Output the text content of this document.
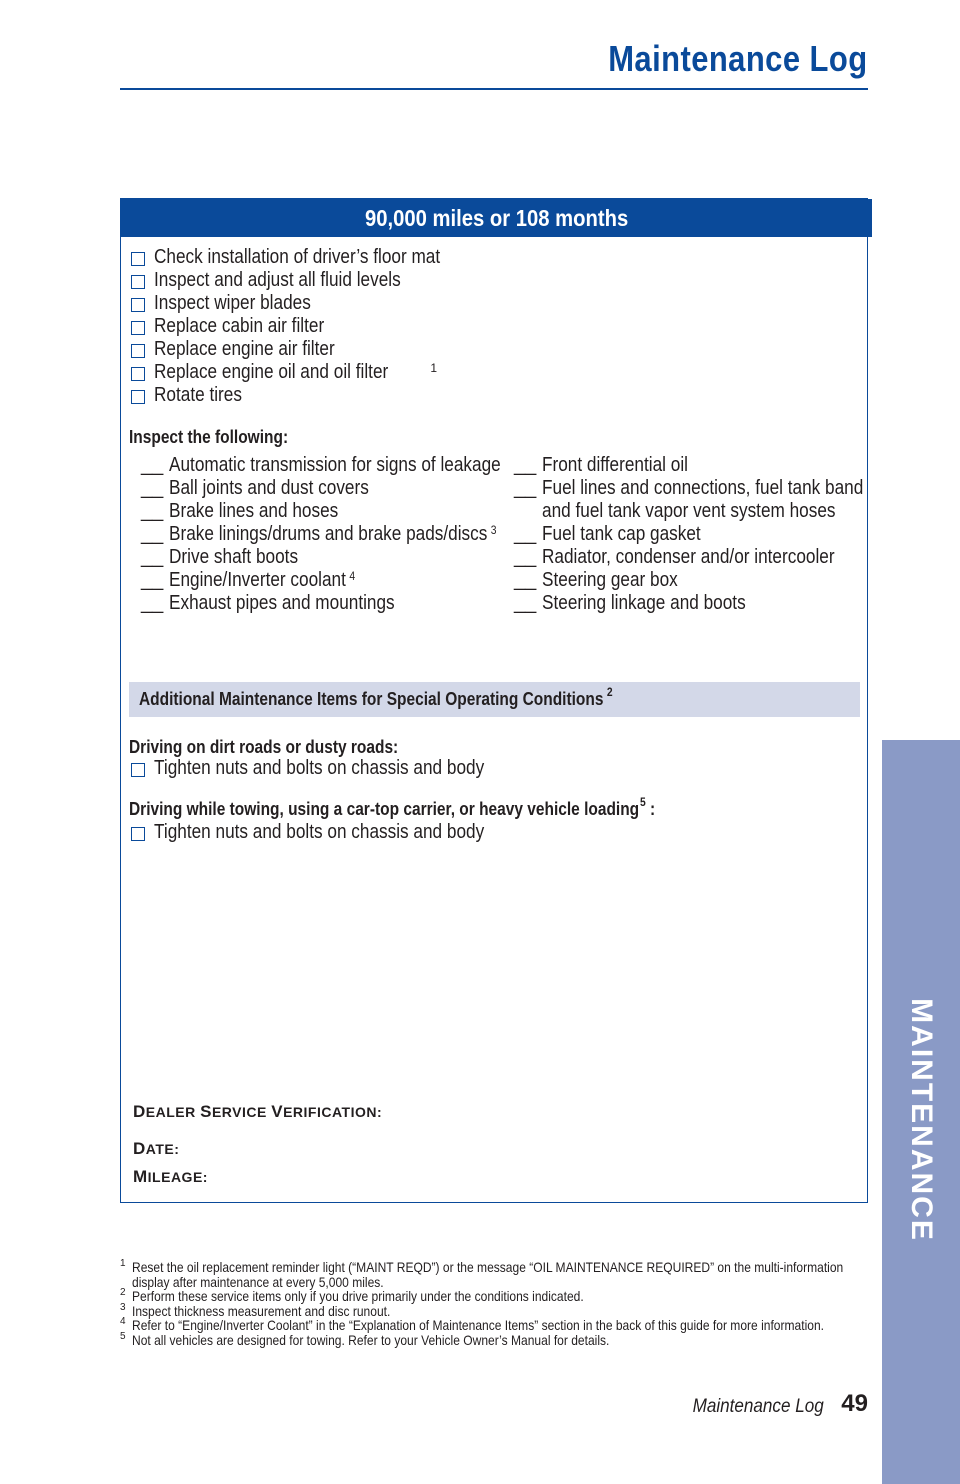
Maintenance Log
90,000 miles or 108 months
Check installation of driver’s floor mat
Inspect and adjust all fluid levels
Inspect wiper blades
Replace cabin air filter
Replace engine air filter
Replace engine oil and oil filter	$^1$
Rotate tires
Inspect the following:
__ Automatic transmission for signs of leakage
__ Ball joints and dust covers
__ Brake lines and hoses
__ Brake linings/drums and brake pads/discs $^3$
__ Drive shaft boots
__ Engine/Inverter coolant $^4$
__ Exhaust pipes and mountings
__ Front differential oil
__ Fuel lines and connections, fuel tank band and fuel tank vapor vent system hoses
__ Fuel tank cap gasket
__ Radiator, condenser and/or intercooler
__ Steering gear box
__ Steering linkage and boots
Additional Maintenance Items for Special Operating Conditions $^2$
Driving on dirt roads or dusty roads:
Tighten nuts and bolts on chassis and body
Driving while towing, using a car-top carrier, or heavy vehicle loading$^5$ :
Tighten nuts and bolts on chassis and body
DEALER SERVICE VERIFICATION:
DATE:
MILEAGE:
1 Reset the oil replacement reminder light (“MAINT REQD”) or the message “OIL MAINTENANCE REQUIRED” on the multi-information display after maintenance at every 5,000 miles.
2 Perform these service items only if you drive primarily under the conditions indicated.
3 Inspect thickness measurement and disc runout.
4 Refer to “Engine/Inverter Coolant” in the “Explanation of Maintenance Items” section in the back of this guide for more information.
5 Not all vehicles are designed for towing. Refer to your Vehicle Owner’s Manual for details.
MAINTENANCE
Maintenance Log 49
